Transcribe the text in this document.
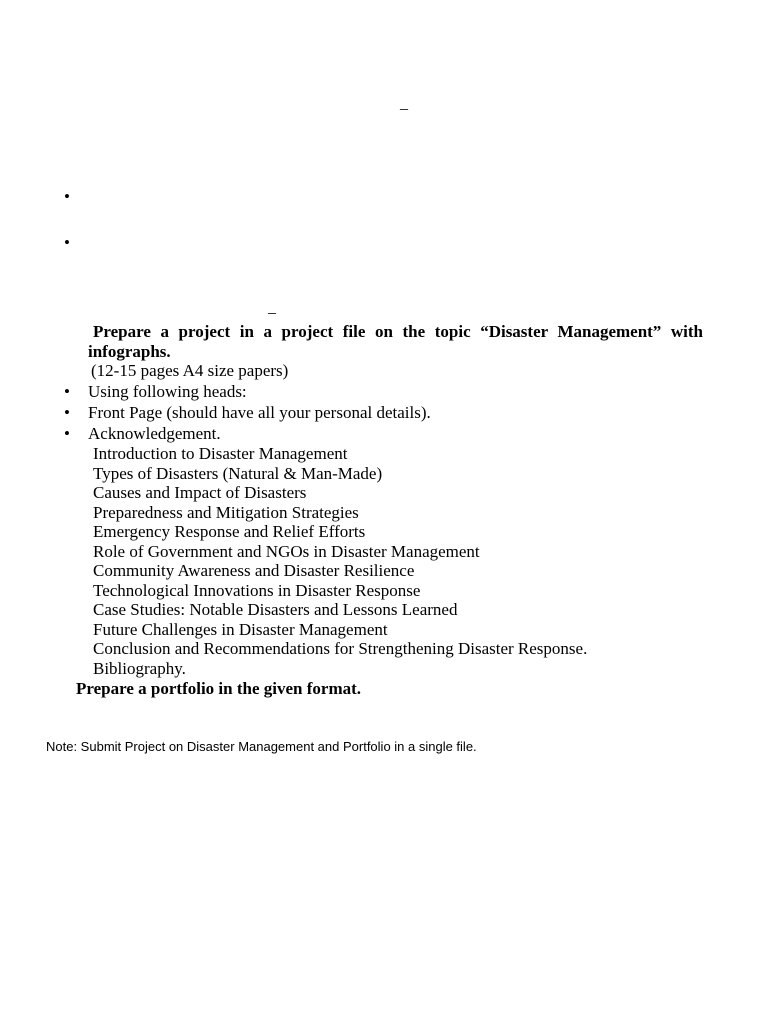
_
•
•
_
Prepare a project in a project file on the topic “Disaster Management” with
infographs.
(12-15 pages A4 size papers)
• Using following heads:
• Front Page (should have all your personal details).
• Acknowledgement.
Introduction to Disaster Management
Types of Disasters (Natural & Man-Made)
Causes and Impact of Disasters
Preparedness and Mitigation Strategies
Emergency Response and Relief Efforts
Role of Government and NGOs in Disaster Management
Community Awareness and Disaster Resilience
Technological Innovations in Disaster Response
Case Studies: Notable Disasters and Lessons Learned
Future Challenges in Disaster Management
Conclusion and Recommendations for Strengthening Disaster Response.
Bibliography.
Prepare a portfolio in the given format.
Note: Submit Project on Disaster Management and Portfolio in a single file.
